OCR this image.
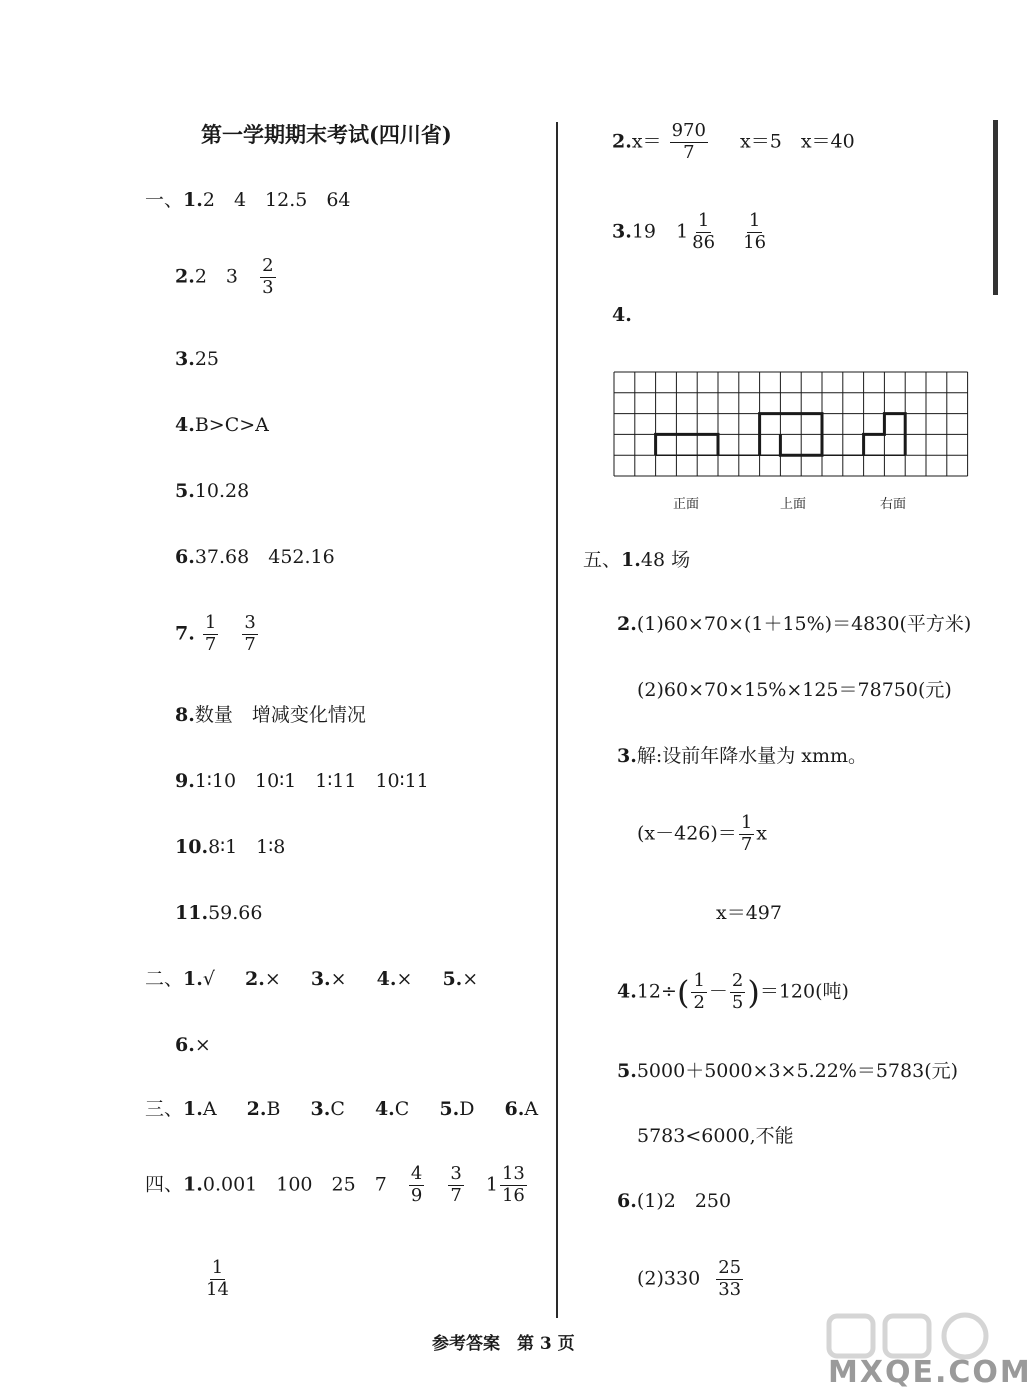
第一学期期末考试(四川省)
一、1.2　4　12.5　64
2.2　$3 \frac{2}{3}$
3.25
4.B>C>A
5.10.28
6.37.68　452.16
7. $\frac{1}{7}$
$\frac{3}{7}$
8.数量　增减变化情况
9.1∶10　10∶1　1∶11　10∶11
10.8∶1　1∶8
11.59.66
二、1.√ 2.× 3.× 4.× 5.×
6.×
三、1.A 2.B 3.C 4.C 5.D 6.A
四、1.0.001　100　25　$7 \frac{4}{9}$
$\frac{3}{7} 1 \frac{13}{16}$
$\frac{1}{14}$
$2.x= \frac{970}{7} x=5$　x＝40
3.19 $1 \frac{1}{86}$
$\frac{1}{16}$
4.
正面	上面	右面
五、1.48 场
2.(1)60×70×(1＋15%)＝4830(平方米)
(2)60×70×15%×125＝78750(元)
3.解:设前年降水量为 xmm。
$(x-426)= \frac{1}{7}$ x
x＝497
$4.12\div( \frac{1}{2} - \frac{2}{5} )=120$(吨)
5.5000＋5000×3×5.22%＝5783(元)
5783<6000,不能
6.(1)2　250
$(2)330 \frac{25}{33}$
参考答案　第 3 页
MXQE.COM
